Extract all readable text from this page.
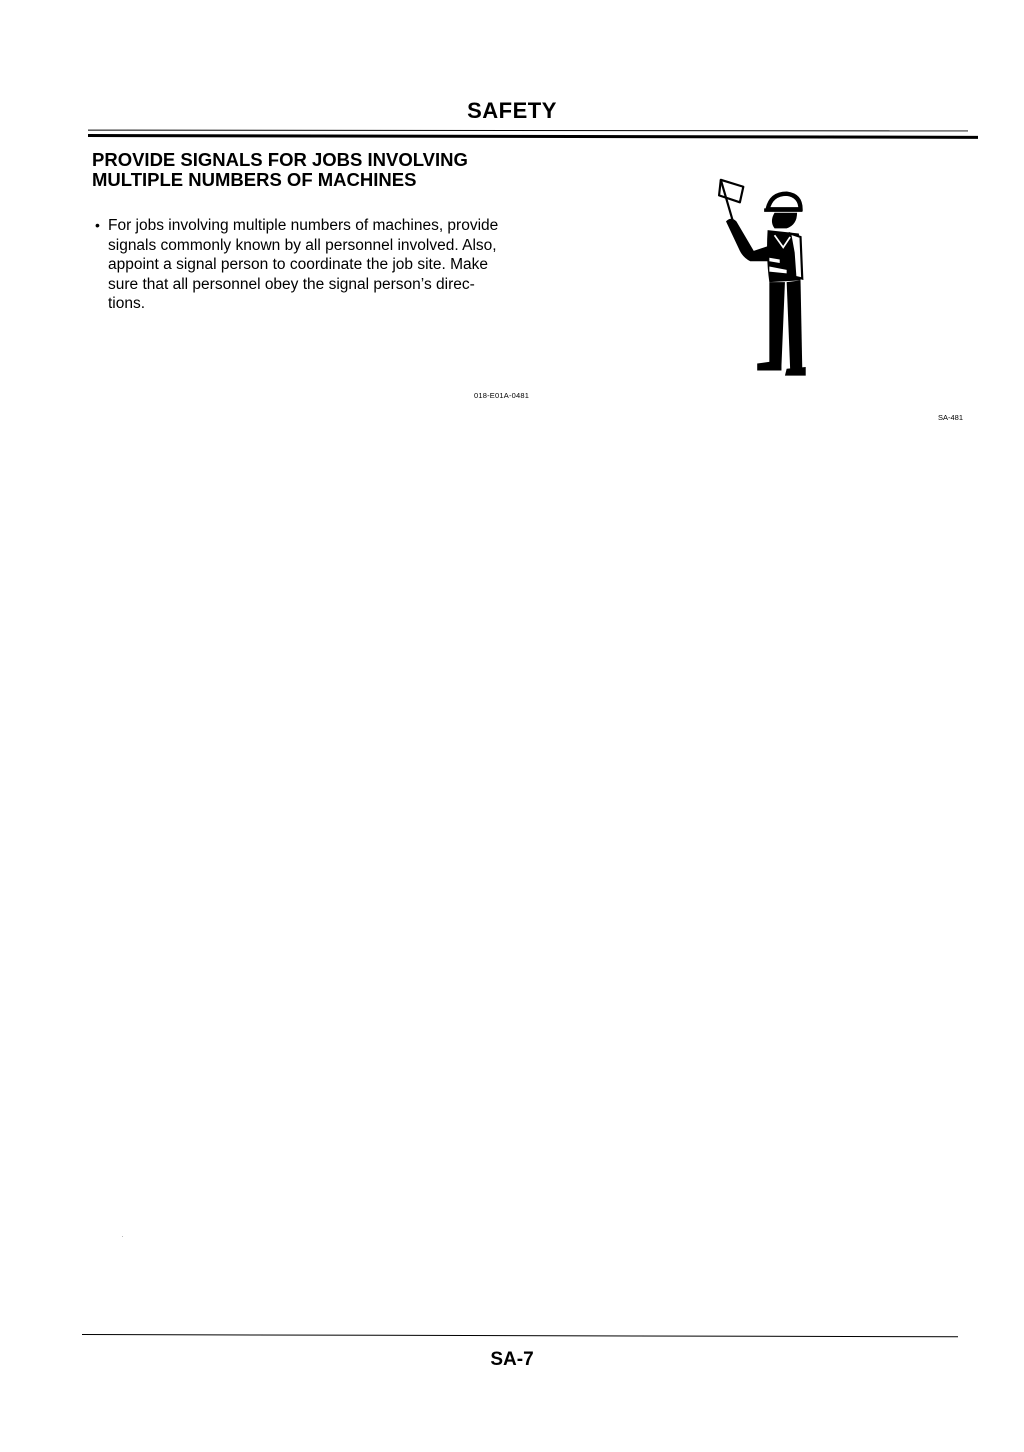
SAFETY
PROVIDE SIGNALS FOR JOBS INVOLVING
MULTIPLE NUMBERS OF MACHINES
• For jobs involving multiple numbers of machines, provide
signals commonly known by all personnel involved. Also,
appoint a signal person to coordinate the job site. Make
sure that all personnel obey the signal person’s direc-
tions.
018-E01A-0481
SA-481
SA-7
